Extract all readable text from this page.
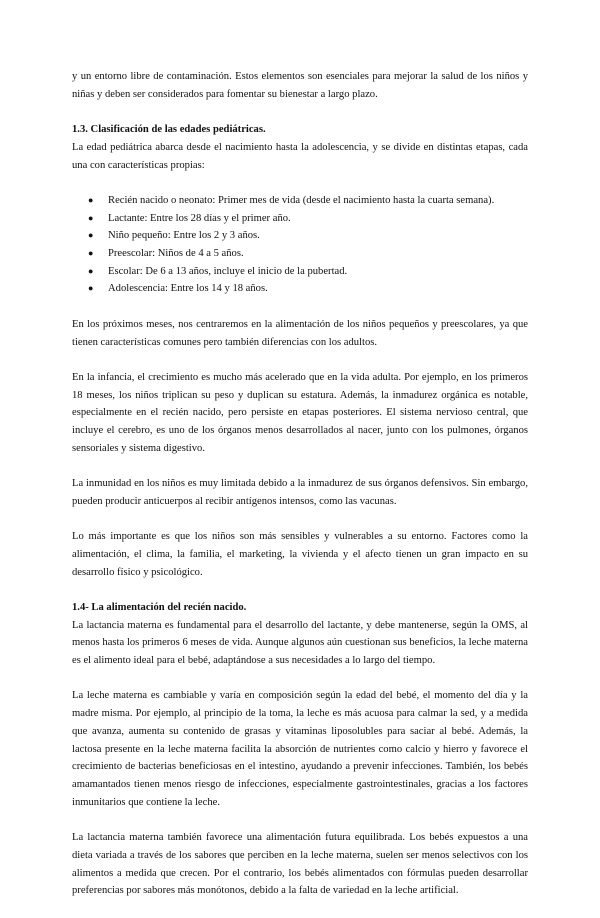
y un entorno libre de contaminación. Estos elementos son esenciales para mejorar la salud de los niños y niñas y deben ser considerados para fomentar su bienestar a largo plazo.

1.3. Clasificación de las edades pediátricas.

La edad pediátrica abarca desde el nacimiento hasta la adolescencia, y se divide en distintas etapas, cada una con características propias:

● Recién nacido o neonato: Primer mes de vida (desde el nacimiento hasta la cuarta semana).
● Lactante: Entre los 28 días y el primer año.
● Niño pequeño: Entre los 2 y 3 años.
● Preescolar: Niños de 4 a 5 años.
● Escolar: De 6 a 13 años, incluye el inicio de la pubertad.
● Adolescencia: Entre los 14 y 18 años.

En los próximos meses, nos centraremos en la alimentación de los niños pequeños y preescolares, ya que tienen características comunes pero también diferencias con los adultos.

En la infancia, el crecimiento es mucho más acelerado que en la vida adulta. Por ejemplo, en los primeros 18 meses, los niños triplican su peso y duplican su estatura. Además, la inmadurez orgánica es notable, especialmente en el recién nacido, pero persiste en etapas posteriores. El sistema nervioso central, que incluye el cerebro, es uno de los órganos menos desarrollados al nacer, junto con los pulmones, órganos sensoriales y sistema digestivo.

La inmunidad en los niños es muy limitada debido a la inmadurez de sus órganos defensivos. Sin embargo, pueden producir anticuerpos al recibir antígenos intensos, como las vacunas.

Lo más importante es que los niños son más sensibles y vulnerables a su entorno. Factores como la alimentación, el clima, la familia, el marketing, la vivienda y el afecto tienen un gran impacto en su desarrollo físico y psicológico.

1.4- La alimentación del recién nacido.

La lactancia materna es fundamental para el desarrollo del lactante, y debe mantenerse, según la OMS, al menos hasta los primeros 6 meses de vida. Aunque algunos aún cuestionan sus beneficios, la leche materna es el alimento ideal para el bebé, adaptándose a sus necesidades a lo largo del tiempo.

La leche materna es cambiable y varía en composición según la edad del bebé, el momento del día y la madre misma. Por ejemplo, al principio de la toma, la leche es más acuosa para calmar la sed, y a medida que avanza, aumenta su contenido de grasas y vitaminas liposolubles para saciar al bebé. Además, la lactosa presente en la leche materna facilita la absorción de nutrientes como calcio y hierro y favorece el crecimiento de bacterias beneficiosas en el intestino, ayudando a prevenir infecciones. También, los bebés amamantados tienen menos riesgo de infecciones, especialmente gastrointestinales, gracias a los factores inmunitarios que contiene la leche.

La lactancia materna también favorece una alimentación futura equilibrada. Los bebés expuestos a una dieta variada a través de los sabores que perciben en la leche materna, suelen ser menos selectivos con los alimentos a medida que crecen. Por el contrario, los bebés alimentados con fórmulas pueden desarrollar preferencias por sabores más monótonos, debido a la falta de variedad en la leche artificial.
